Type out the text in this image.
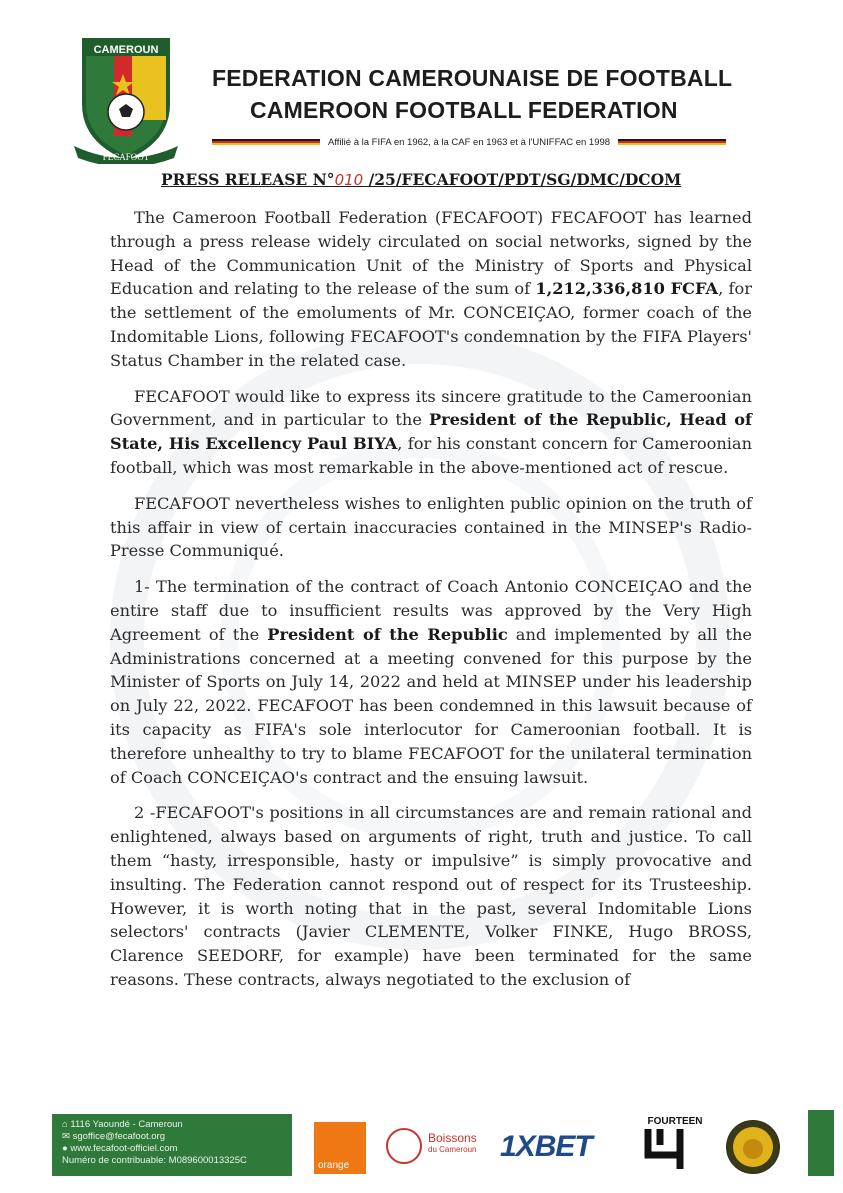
CAMEROUN
FECAFOOT
FEDERATION CAMEROUNAISE DE FOOTBALL
CAMEROON FOOTBALL FEDERATION
Affilié à la FIFA en 1962, à la CAF en 1963 et à l'UNIFFAC en 1998
PRESS RELEASE N°010 /25/FECAFOOT/PDT/SG/DMC/DCOM

The Cameroon Football Federation (FECAFOOT) FECAFOOT has learned through a press release widely circulated on social networks, signed by the Head of the Communication Unit of the Ministry of Sports and Physical Education and relating to the release of the sum of 1,212,336,810 FCFA, for the settlement of the emoluments of Mr. CONCEIÇAO, former coach of the Indomitable Lions, following FECAFOOT's condemnation by the FIFA Players' Status Chamber in the related case.

FECAFOOT would like to express its sincere gratitude to the Cameroonian Government, and in particular to the President of the Republic, Head of State, His Excellency Paul BIYA, for his constant concern for Cameroonian football, which was most remarkable in the above-mentioned act of rescue.

FECAFOOT nevertheless wishes to enlighten public opinion on the truth of this affair in view of certain inaccuracies contained in the MINSEP's Radio-Presse Communiqué.

1- The termination of the contract of Coach Antonio CONCEIÇAO and the entire staff due to insufficient results was approved by the Very High Agreement of the President of the Republic and implemented by all the Administrations concerned at a meeting convened for this purpose by the Minister of Sports on July 14, 2022 and held at MINSEP under his leadership on July 22, 2022. FECAFOOT has been condemned in this lawsuit because of its capacity as FIFA's sole interlocutor for Cameroonian football. It is therefore unhealthy to try to blame FECAFOOT for the unilateral termination of Coach CONCEIÇAO's contract and the ensuing lawsuit.

2 -FECAFOOT's positions in all circumstances are and remain rational and enlightened, always based on arguments of right, truth and justice. To call them “hasty, irresponsible, hasty or impulsive” is simply provocative and insulting. The Federation cannot respond out of respect for its Trusteeship. However, it is worth noting that in the past, several Indomitable Lions selectors' contracts (Javier CLEMENTE, Volker FINKE, Hugo BROSS, Clarence SEEDORF, for example) have been terminated for the same reasons. These contracts, always negotiated to the exclusion of

⌂ 1116 Yaoundé - Cameroun
✉ sgoffice@fecafoot.org
● www.fecafoot-officiel.com
Numéro de contribuable: M089600013325C	orange
Boissons
du Cameroun 1XBET
FOURTEEN
